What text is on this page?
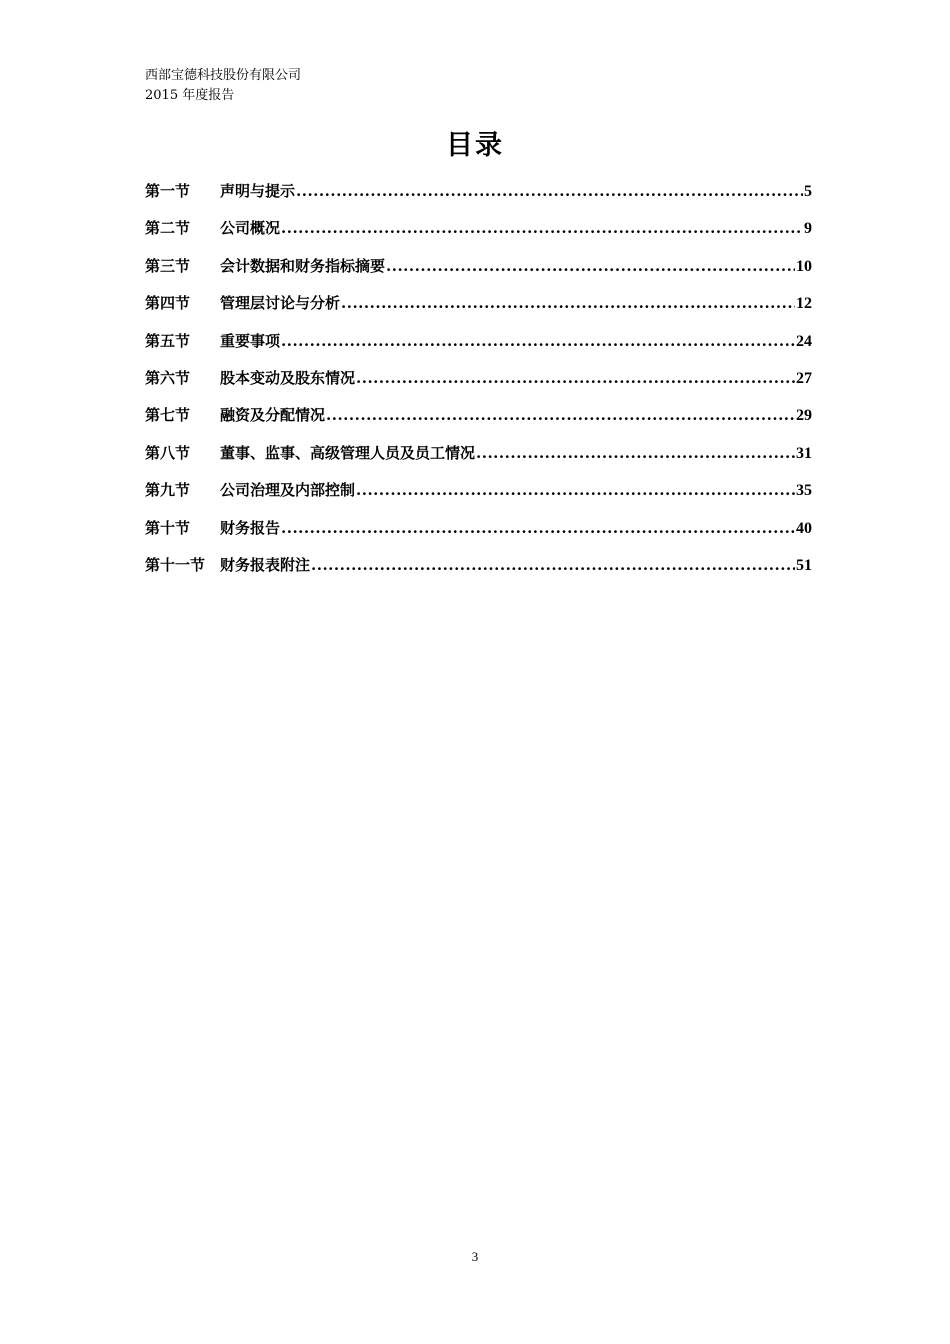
西部宝德科技股份有限公司
2015 年度报告
目录
第一节	声明与提示 .....	5
第二节	公司概况 .....	9
第三节	会计数据和财务指标摘要 .....	10
第四节	管理层讨论与分析 .....	12
第五节	重要事项 .....	24
第六节	股本变动及股东情况 .....	27
第七节	融资及分配情况 .....	29
第八节	董事、监事、高级管理人员及员工情况 .....	31
第九节	公司治理及内部控制 .....	35
第十节	财务报告 .....	40
第十一节 财务报表附注 .....	51
3
